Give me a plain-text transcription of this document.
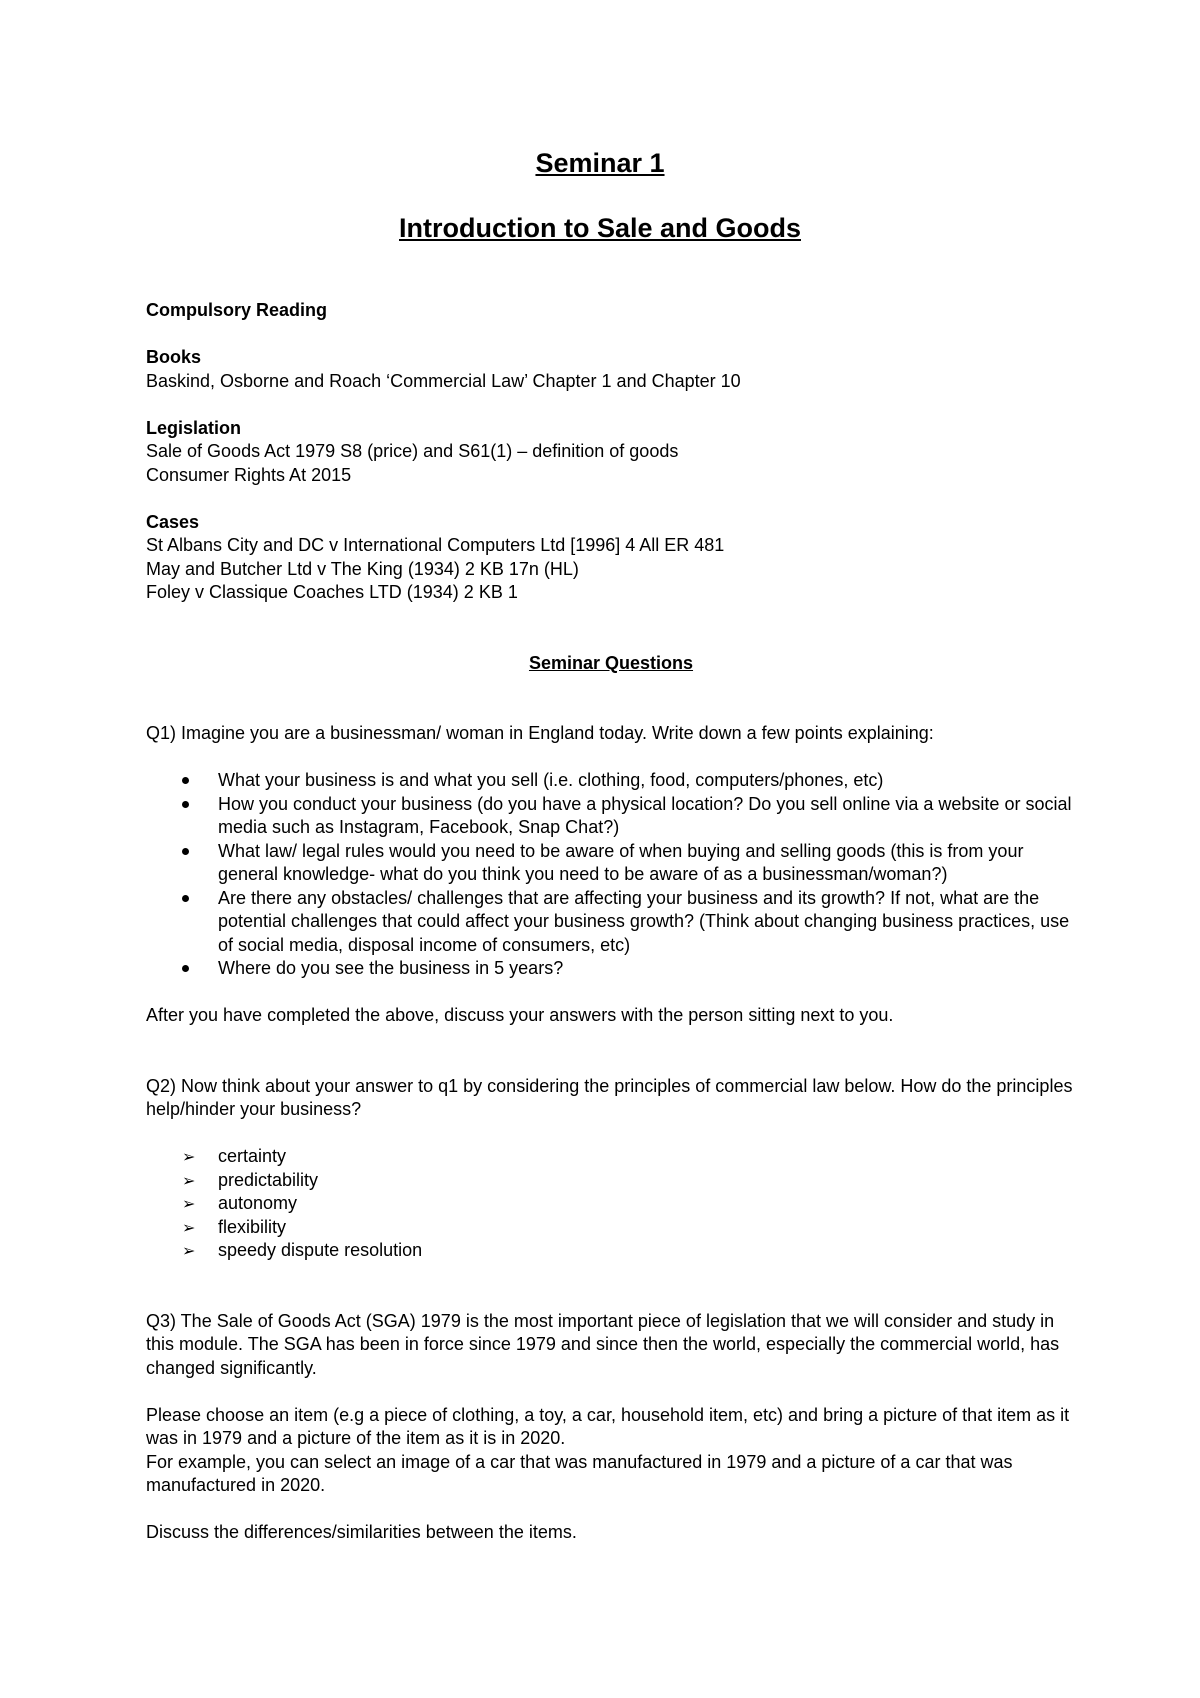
Seminar 1
Introduction to Sale and Goods

Compulsory Reading

Books

Baskind, Osborne and Roach ‘Commercial Law’ Chapter 1 and Chapter 10

Legislation

Sale of Goods Act 1979 S8 (price) and S61(1) – definition of goods

Consumer Rights At 2015

Cases

St Albans City and DC v International Computers Ltd [1996] 4 All ER 481

May and Butcher Ltd v The King (1934) 2 KB 17n (HL)

Foley v Classique Coaches LTD (1934) 2 KB 1

Seminar Questions

Q1) Imagine you are a businessman/ woman in England today. Write down a few points explaining:

What your business is and what you sell (i.e. clothing, food, computers/phones, etc)
How you conduct your business (do you have a physical location? Do you sell online via a website or social media such as Instagram, Facebook, Snap Chat?)
What law/ legal rules would you need to be aware of when buying and selling goods (this is from your general knowledge- what do you think you need to be aware of as a businessman/woman?)
Are there any obstacles/ challenges that are affecting your business and its growth? If not, what are the potential challenges that could affect your business growth? (Think about changing business practices, use of social media, disposal income of consumers, etc)
Where do you see the business in 5 years?

After you have completed the above, discuss your answers with the person sitting next to you.

Q2) Now think about your answer to q1 by considering the principles of commercial law below. How do the principles help/hinder your business?

➢	certainty
➢	predictability
➢	autonomy
➢	flexibility
➢	speedy dispute resolution

Q3) The Sale of Goods Act (SGA) 1979 is the most important piece of legislation that we will consider and study in this module. The SGA has been in force since 1979 and since then the world, especially the commercial world, has changed significantly.

Please choose an item (e.g a piece of clothing, a toy, a car, household item, etc) and bring a picture of that item as it was in 1979 and a picture of the item as it is in 2020.

For example, you can select an image of a car that was manufactured in 1979 and a picture of a car that was manufactured in 2020.

Discuss the differences/similarities between the items.
